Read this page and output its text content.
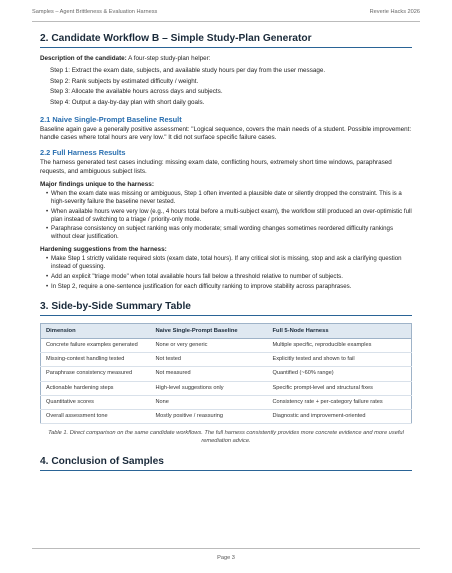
Samples – Agent Brittleness & Evaluation Harness	Reverie Hacks 2026
2. Candidate Workflow B – Simple Study-Plan Generator

Description of the candidate: A four-step study-plan helper:

Step 1: Extract the exam date, subjects, and available study hours per day from the user message.
Step 2: Rank subjects by estimated difficulty / weight.
Step 3: Allocate the available hours across days and subjects.
Step 4: Output a day-by-day plan with short daily goals.
2.1 Naive Single-Prompt Baseline Result

Baseline again gave a generally positive assessment: "Logical sequence, covers the main needs of a student. Possible improvement: handle cases where total hours are very low." It did not surface specific failure cases.

2.2 Full Harness Results

The harness generated test cases including: missing exam date, conflicting hours, extremely short time windows, paraphrased requests, and ambiguous subject lists.

Major findings unique to the harness:
• When the exam date was missing or ambiguous, Step 1 often invented a plausible date or silently dropped the constraint. This is a high-severity failure the baseline never tested.
• When available hours were very low (e.g., 4 hours total before a multi-subject exam), the workflow still produced an over-optimistic full plan instead of switching to a triage / priority-only mode.
• Paraphrase consistency on subject ranking was only moderate; small wording changes sometimes reordered difficulty rankings without clear justification.
Hardening suggestions from the harness:
• Make Step 1 strictly validate required slots (exam date, total hours). If any critical slot is missing, stop and ask a clarifying question instead of guessing.
• Add an explicit "triage mode" when total available hours fall below a threshold relative to number of subjects.
• In Step 2, require a one-sentence justification for each difficulty ranking to improve stability across paraphrases.
3. Side-by-Side Summary Table
Dimension	Naive Single-Prompt Baseline	Full 5-Node Harness
Concrete failure examples generated	None or very generic	Multiple specific, reproducible examples
Missing-context handling tested	Not tested	Explicitly tested and shown to fail
Paraphrase consistency measured	Not measured	Quantified (~60% range)
Actionable hardening steps	High-level suggestions only	Specific prompt-level and structural fixes
Quantitative scores	None	Consistency rate + per-category failure rates
Overall assessment tone	Mostly positive / reassuring	Diagnostic and improvement-oriented

Table 1. Direct comparison on the same candidate workflows. The full harness consistently provides more concrete evidence and more useful remediation advice.

4. Conclusion of Samples
Page 3
